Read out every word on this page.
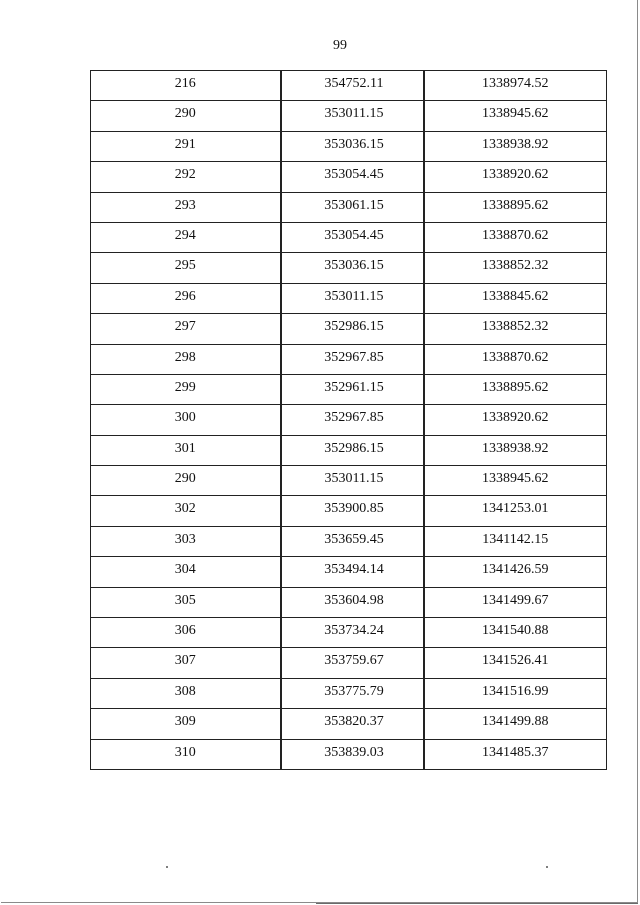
99
216	354752.11	1338974.52
290	353011.15	1338945.62
291	353036.15	1338938.92
292	353054.45	1338920.62
293	353061.15	1338895.62
294	353054.45	1338870.62
295	353036.15	1338852.32
296	353011.15	1338845.62
297	352986.15	1338852.32
298	352967.85	1338870.62
299	352961.15	1338895.62
300	352967.85	1338920.62
301	352986.15	1338938.92
290	353011.15	1338945.62
302	353900.85	1341253.01
303	353659.45	1341142.15
304	353494.14	1341426.59
305	353604.98	1341499.67
306	353734.24	1341540.88
307	353759.67	1341526.41
308	353775.79	1341516.99
309	353820.37	1341499.88
310	353839.03	1341485.37
